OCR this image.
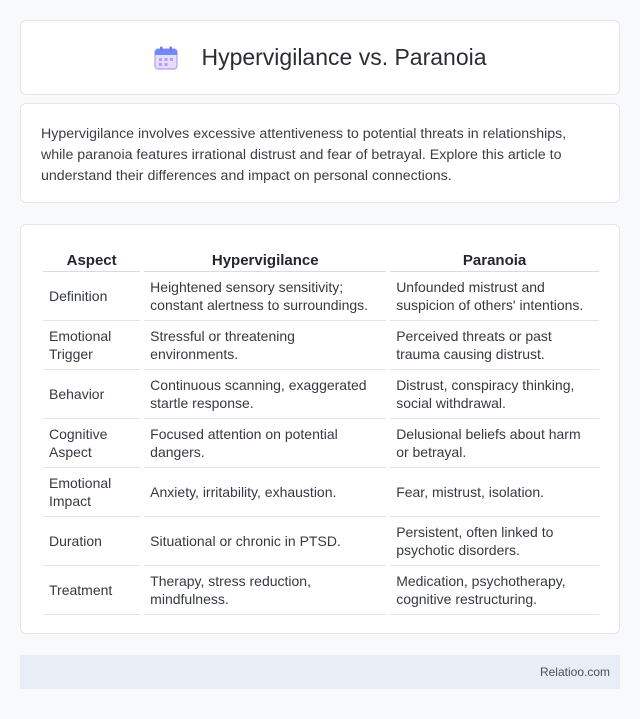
Hypervigilance vs. Paranoia

Hypervigilance involves excessive attentiveness to potential threats in relationships, while paranoia features irrational distrust and fear of betrayal. Explore this article to understand their differences and impact on personal connections.

Aspect		Hypervigilance		Paranoia
Definition		Heightened sensory sensitivity; constant alertness to surroundings.		Unfounded mistrust and suspicion of others' intentions.
Emotional Trigger		Stressful or threatening environments.		Perceived threats or past trauma causing distrust.
Behavior		Continuous scanning, exaggerated startle response.		Distrust, conspiracy thinking, social withdrawal.
Cognitive Aspect		Focused attention on potential dangers.		Delusional beliefs about harm or betrayal.
Emotional Impact		Anxiety, irritability, exhaustion.		Fear, mistrust, isolation.
Duration		Situational or chronic in PTSD.		Persistent, often linked to psychotic disorders.
Treatment		Therapy, stress reduction, mindfulness.		Medication, psychotherapy, cognitive restructuring.
Relatioo.com
